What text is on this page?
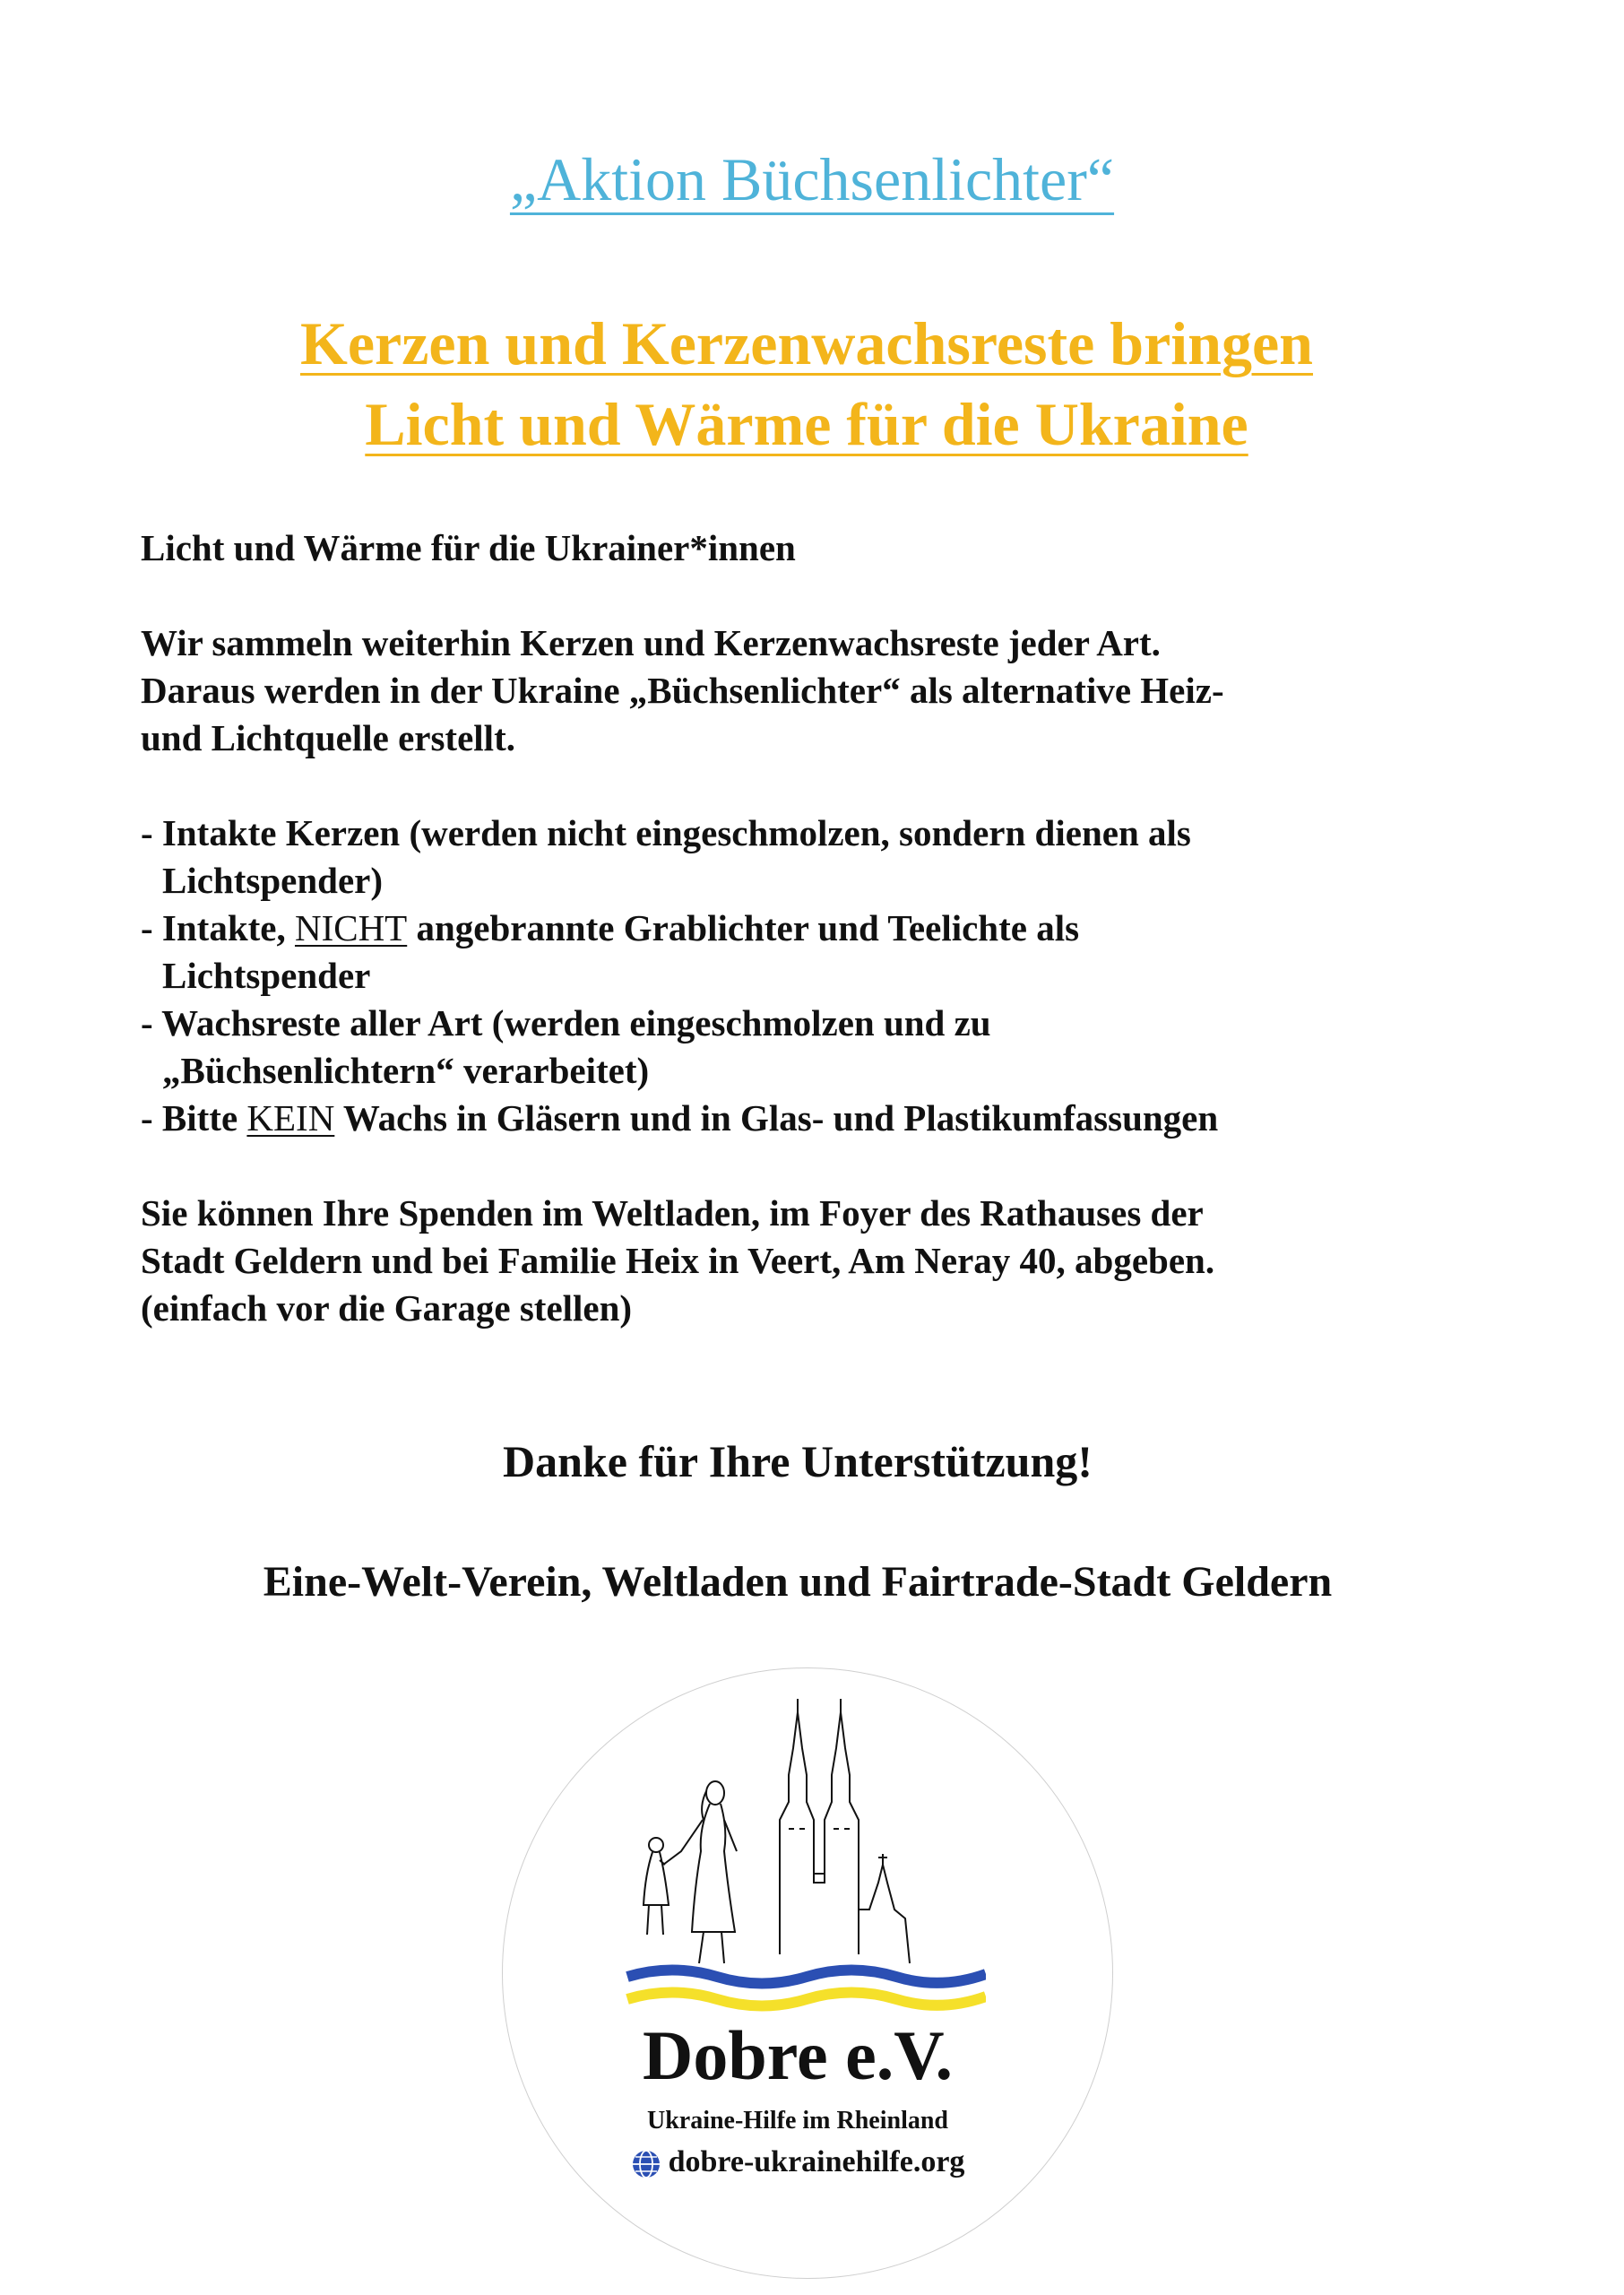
„Aktion Büchsenlichter“
Kerzen und Kerzenwachsreste bringen
Licht und Wärme für die Ukraine

Licht und Wärme für die Ukrainer*innen

Wir sammeln weiterhin Kerzen und Kerzenwachsreste jeder Art.
Daraus werden in der Ukraine „Büchsenlichter“ als alternative Heiz-
und Lichtquelle erstellt.

- Intakte Kerzen (werden nicht eingeschmolzen, sondern dienen als
Lichtspender)
- Intakte, NICHT angebrannte Grablichter und Teelichte als
Lichtspender
- Wachsreste aller Art (werden eingeschmolzen und zu
„Büchsenlichtern“ verarbeitet)
- Bitte KEIN Wachs in Gläsern und in Glas- und Plastikumfassungen

Sie können Ihre Spenden im Weltladen, im Foyer des Rathauses der
Stadt Geldern und bei Familie Heix in Veert, Am Neray 40, abgeben.
(einfach vor die Garage stellen)

Danke für Ihre Unterstützung!
Eine-Welt-Verein, Weltladen und Fairtrade-Stadt Geldern
Dobre e.V.
Ukraine-Hilfe im Rheinland
dobre-ukrainehilfe.org
